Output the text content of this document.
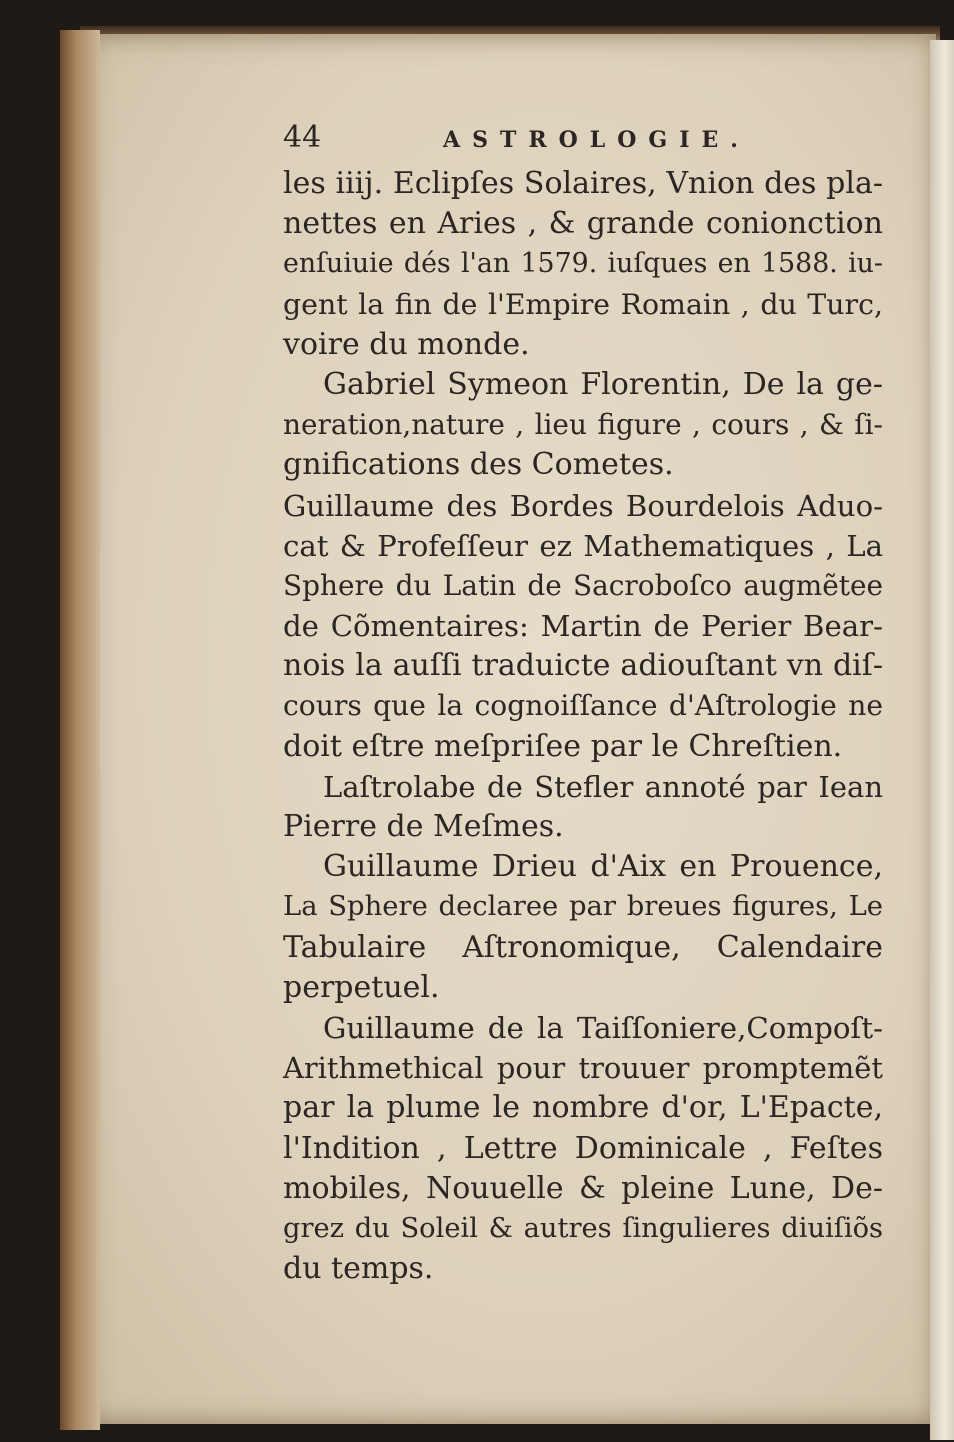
44	ASTROLOGIE.
les iiij. Eclipſes Solaires, Vnion des pla-
nettes en Aries , & grande conionction
enſuiuie dés l'an 1579. iuſques en 1588. iu-
gent la fin de l'Empire Romain , du Turc,
voire du monde.
Gabriel Symeon Florentin, De la ge-
neration,nature , lieu figure , cours , & ſi-
gnifications des Cometes.
Guillaume des Bordes Bourdelois Aduo-
cat & Profeſſeur ez Mathematiques , La
Sphere du Latin de Sacroboſco augmẽtee
de Cõmentaires: Martin de Perier Bear-
nois la auſſi traduicte adiouſtant vn diſ-
cours que la cognoiſſance d'Aſtrologie ne
doit eſtre meſpriſee par le Chreſtien.
Laſtrolabe de Stefler annoté par Iean
Pierre de Meſmes.
Guillaume Drieu d'Aix en Prouence,
La Sphere declaree par breues figures, Le
Tabulaire Aſtronomique, Calendaire
perpetuel.
Guillaume de la Taiſſoniere,Compoſt-
Arithmethical pour trouuer promptemẽt
par la plume le nombre d'or, L'Epacte,
l'Indition , Lettre Dominicale , Feſtes
mobiles, Nouuelle & pleine Lune, De-
grez du Soleil & autres ſingulieres diuiſiõs
du temps.
